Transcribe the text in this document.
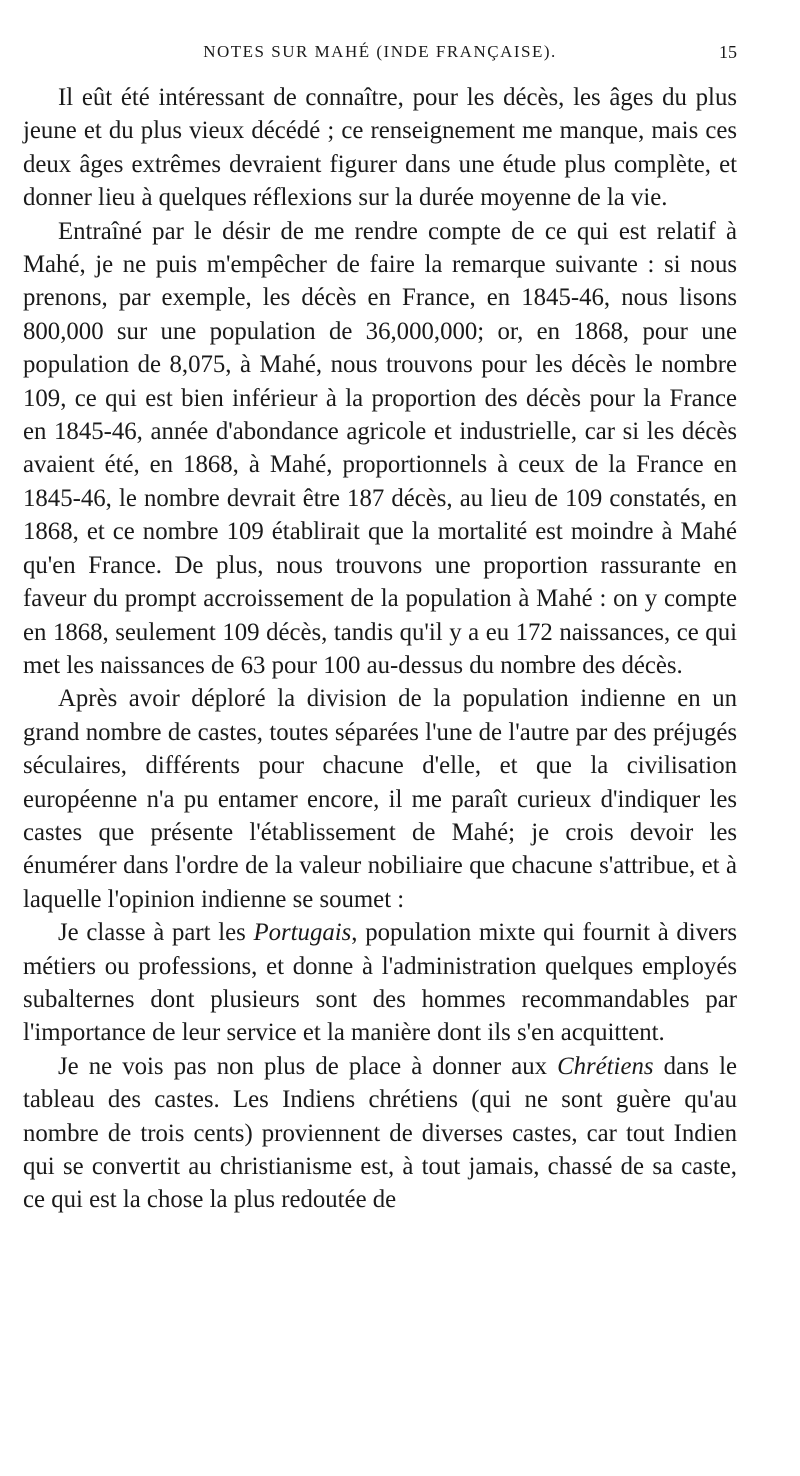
NOTES SUR MAHÉ (INDE FRANÇAISE).	15

Il eût été intéressant de connaître, pour les décès, les âges du plus jeune et du plus vieux décédé ; ce renseignement me manque, mais ces deux âges extrêmes devraient figurer dans une étude plus complète, et donner lieu à quelques réflexions sur la durée moyenne de la vie.

Entraîné par le désir de me rendre compte de ce qui est relatif à Mahé, je ne puis m'empêcher de faire la remarque suivante : si nous prenons, par exemple, les décès en France, en 1845-46, nous lisons 800,000 sur une population de 36,000,000; or, en 1868, pour une population de 8,075, à Mahé, nous trouvons pour les décès le nombre 109, ce qui est bien inférieur à la proportion des décès pour la France en 1845-46, année d'abondance agricole et industrielle, car si les décès avaient été, en 1868, à Mahé, proportionnels à ceux de la France en 1845-46, le nombre devrait être 187 décès, au lieu de 109 constatés, en 1868, et ce nombre 109 établirait que la mortalité est moindre à Mahé qu'en France. De plus, nous trouvons une proportion rassurante en faveur du prompt accroissement de la population à Mahé : on y compte en 1868, seulement 109 décès, tandis qu'il y a eu 172 naissances, ce qui met les naissances de 63 pour 100 au-dessus du nombre des décès.

Après avoir déploré la division de la population indienne en un grand nombre de castes, toutes séparées l'une de l'autre par des préjugés séculaires, différents pour chacune d'elle, et que la civilisation européenne n'a pu entamer encore, il me paraît curieux d'indiquer les castes que présente l'établissement de Mahé; je crois devoir les énumérer dans l'ordre de la valeur nobiliaire que chacune s'attribue, et à laquelle l'opinion indienne se soumet :

Je classe à part les Portugais, population mixte qui fournit à divers métiers ou professions, et donne à l'administration quelques employés subalternes dont plusieurs sont des hommes recommandables par l'importance de leur service et la manière dont ils s'en acquittent.

Je ne vois pas non plus de place à donner aux Chrétiens dans le tableau des castes. Les Indiens chrétiens (qui ne sont guère qu'au nombre de trois cents) proviennent de diverses castes, car tout Indien qui se convertit au christianisme est, à tout jamais, chassé de sa caste, ce qui est la chose la plus redoutée de
